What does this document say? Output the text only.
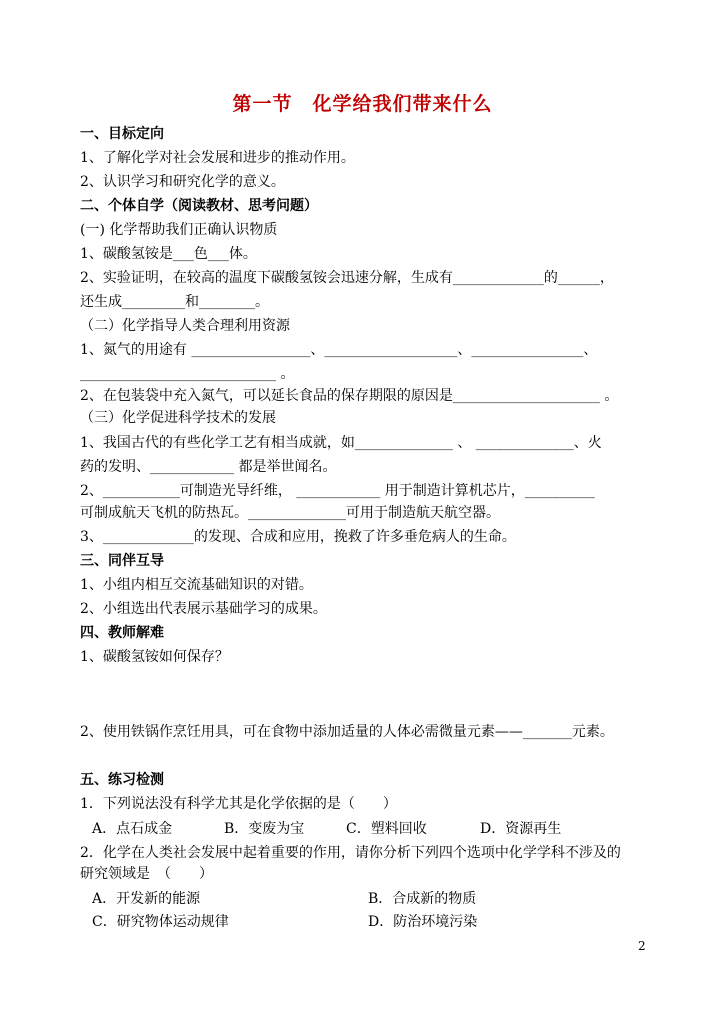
第一节　化学给我们带来什么
一、目标定向
1、了解化学对社会发展和进步的推动作用。
2、认识学习和研究化学的意义。
二、个体自学（阅读教材、思考问题）
(一) 化学帮助我们正确认识物质
1、碳酸氢铵是___色___体。
2、实验证明，在较高的温度下碳酸氢铵会迅速分解，生成有_____________的______，
还生成_________和________。
（二）化学指导人类合理利用资源
1、氮气的用途有 _________________、___________________、________________、
____________________________ 。
2、在包装袋中充入氮气，可以延长食品的保存期限的原因是_____________________ 。
（三）化学促进科学技术的发展
1、我国古代的有些化学工艺有相当成就，如______________ 、 ______________、火
药的发明、____________ 都是举世闻名。
2、___________可制造光导纤维， ____________ 用于制造计算机芯片，__________
可制成航天飞机的防热瓦。______________可用于制造航天航空器。
3、_____________的发现、合成和应用，挽救了许多垂危病人的生命。
三、同伴互导
1、小组内相互交流基础知识的对错。
2、小组选出代表展示基础学习的成果。
四、教师解难
1、碳酸氢铵如何保存？
2、使用铁锅作烹饪用具，可在食物中添加适量的人体必需微量元素——_______元素。
五、练习检测
1．下列说法没有科学尤其是化学依据的是（　　）
A．点石成金	B．变废为宝	C．塑料回收	D．资源再生
2．化学在人类社会发展中起着重要的作用，请你分析下列四个选项中化学学科不涉及的
研究领域是　（　　）
A．开发新的能源	B．合成新的物质
C．研究物体运动规律	D．防治环境污染
2
